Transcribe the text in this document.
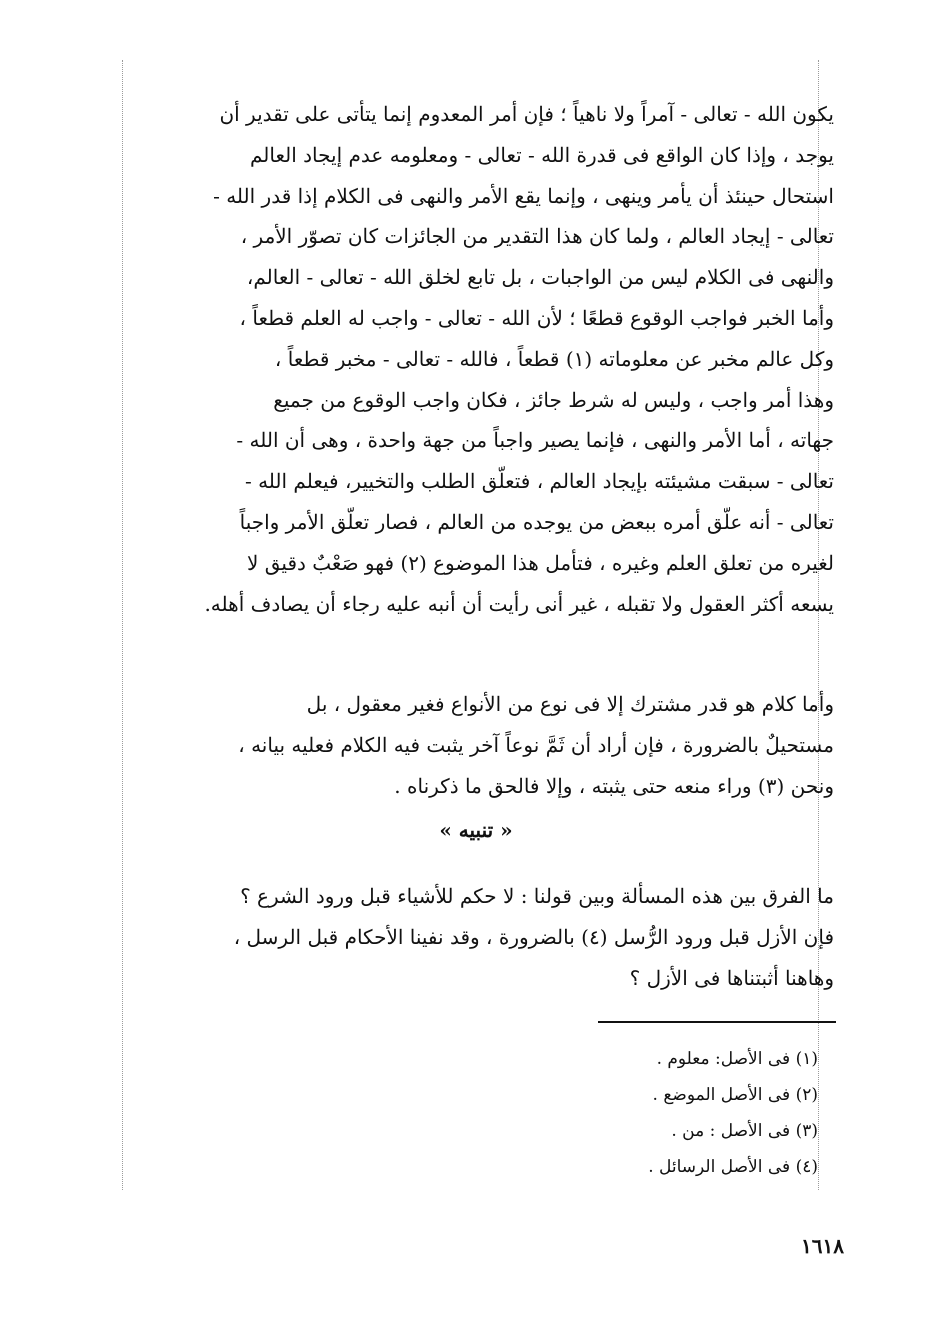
يكون الله - تعالى - آمراً ولا ناهياً ؛ فإن أمر المعدوم إنما يتأتى على تقدير أن
يوجد ، وإذا كان الواقع فى قدرة الله - تعالى - ومعلومه عدم إيجاد العالم
استحال حينئذ أن يأمر وينهى ، وإنما يقع الأمر والنهى فى الكلام إذا قدر الله -
تعالى - إيجاد العالم ، ولما كان هذا التقدير من الجائزات كان تصوّر الأمر ،
والنهى فى الكلام ليس من الواجبات ، بل تابع لخلق الله - تعالى - العالم،
وأما الخبر فواجب الوقوع قطعًا ؛ لأن الله - تعالى - واجب له العلم قطعاً ،
وكل عالم مخبر عن معلوماته (١) قطعاً ، فالله - تعالى - مخبر قطعاً ،
وهذا أمر واجب ، وليس له شرط جائز ، فكان واجب الوقوع من جميع
جهاته ، أما الأمر والنهى ، فإنما يصير واجباً من جهة واحدة ، وهى أن الله -
تعالى - سبقت مشيئته بإيجاد العالم ، فتعلّق الطلب والتخيير، فيعلم الله -
تعالى - أنه علّق أمره ببعض من يوجده من العالم ، فصار تعلّق الأمر واجباً
لغيره من تعلق العلم وغيره ، فتأمل هذا الموضوع (٢) فهو صَعْبٌ دقيق لا
يسعه أكثر العقول ولا تقبله ، غير أنى رأيت أن أنبه عليه رجاء أن يصادف أهله.
وأما كلام هو قدر مشترك إلا فى نوع من الأنواع فغير معقول ، بل
مستحيلٌ بالضرورة ، فإن أراد أن ثَمَّ نوعاً آخر يثبت فيه الكلام فعليه بيانه ،
ونحن (٣) وراء منعه حتى يثبته ، وإلا فالحق ما ذكرناه .
« تنبيه »
ما الفرق بين هذه المسألة وبين قولنا : لا حكم للأشياء قبل ورود الشرع ؟
فإن الأزل قبل ورود الرُّسل (٤) بالضرورة ، وقد نفينا الأحكام قبل الرسل ،
وهاهنا أثبتناها فى الأزل ؟
(١) فى الأصل: معلوم .
(٢) فى الأصل الموضع .
(٣) فى الأصل : من .
(٤) فى الأصل الرسائل .
١٦١٨
